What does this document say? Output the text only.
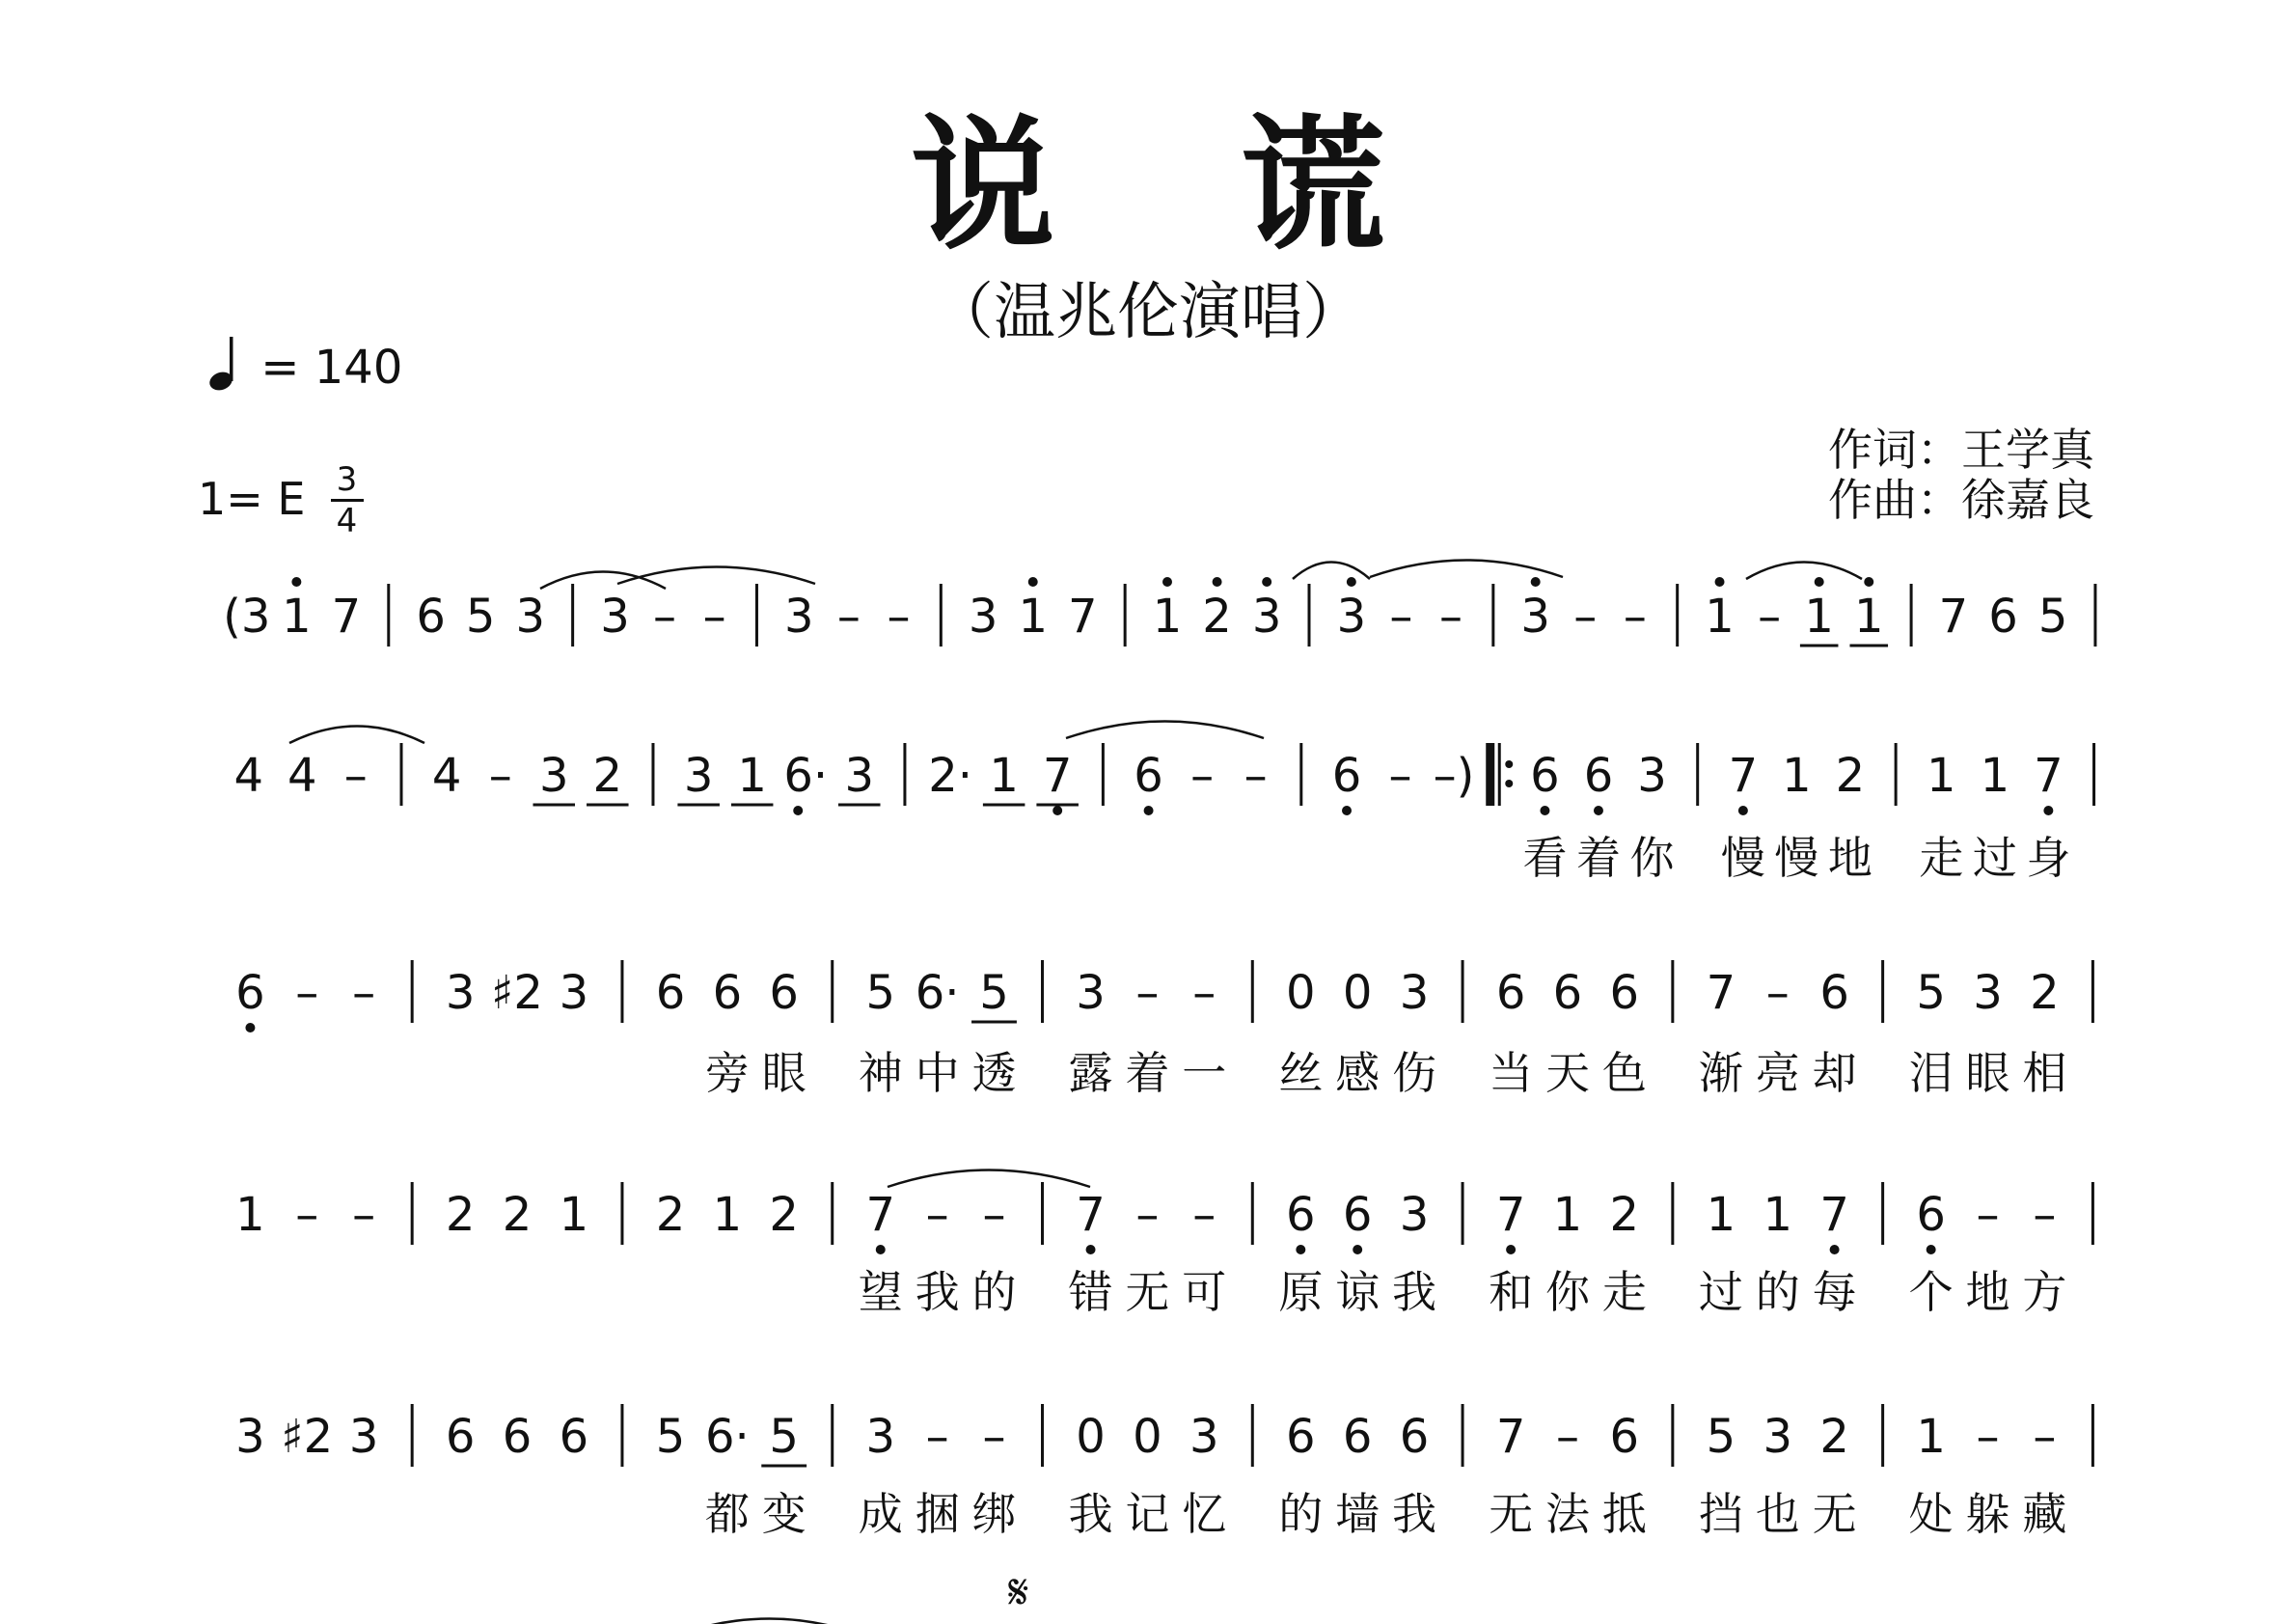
说 谎
（温兆伦演唱）
= 140
1= E $\frac{3}{4}$
作词：王学真
作曲：徐嘉良
(3 1 7 6 5 3 3 – – 3 – – 3 1 7 1 2 3 3 – – 3 – – 1 – 1 1 7 6 5
4 4 – 4 – 3 2 3 1 6· 3 2· 1 7 6 – – 6 – –) 6 6 3 7 1 2 1 1 7
看 着 你 慢 慢 地 走 过 身
6 – – 3 ♯2 3 6 6 6 5 6· 5 3 – – 0 0 3 6 6 6 7 – 6 5 3 2
旁 眼 神 中 透 露 着 一 丝 感 伤 当 天 色 渐 亮 却 泪 眼 相
1 – – 2 2 1 2 1 2 7 – – 7 – – 6 6 3 7 1 2 1 1 7 6 – –
望 我 的 错 无 可 原 谅 我 和 你 走 过 的 每 个 地 方
3 ♯2 3 6 6 6 5 6· 5 3 – – 0 0 3 6 6 6 7 – 6 5 3 2 1 – –
都 变 成 捆 绑 我 记 忆 的 墙 我 无 法 抵 挡 也 无 处 躲 藏
𝄋
